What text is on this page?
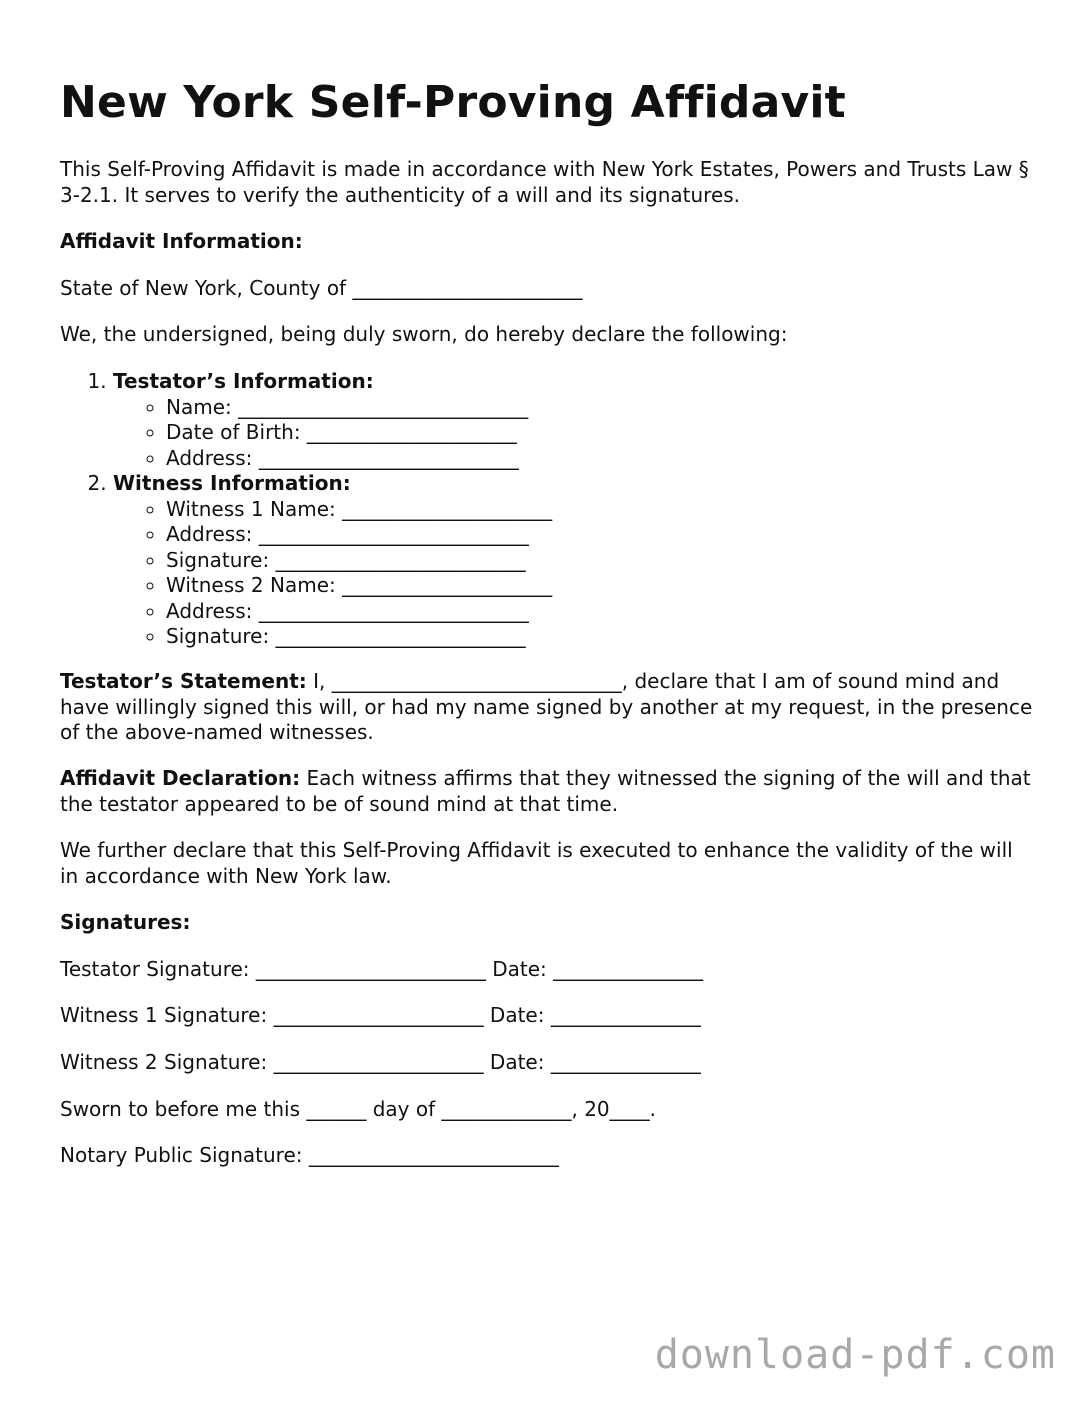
New York Self-Proving Affidavit

This Self-Proving Affidavit is made in accordance with New York Estates, Powers and Trusts Law § 3-2.1. It serves to verify the authenticity of a will and its signatures.

Affidavit Information:

State of New York, County of _______________________

We, the undersigned, being duly sworn, do hereby declare the following:

1. Testator’s Information:
◦ Name: _____________________________
◦ Date of Birth: _____________________
◦ Address: __________________________
2. Witness Information:
◦ Witness 1 Name: _____________________
◦ Address: ___________________________
◦ Signature: _________________________
◦ Witness 2 Name: _____________________
◦ Address: ___________________________
◦ Signature: _________________________

Testator’s Statement: I, _____________________________, declare that I am of sound mind and have willingly signed this will, or had my name signed by another at my request, in the presence of the above-named witnesses.

Affidavit Declaration: Each witness affirms that they witnessed the signing of the will and that the testator appeared to be of sound mind at that time.

We further declare that this Self-Proving Affidavit is executed to enhance the validity of the will in accordance with New York law.

Signatures:

Testator Signature: _______________________ Date: _______________

Witness 1 Signature: _____________________ Date: _______________

Witness 2 Signature: _____________________ Date: _______________

Sworn to before me this ______ day of _____________, 20____.

Notary Public Signature: _________________________

download-pdf.com
